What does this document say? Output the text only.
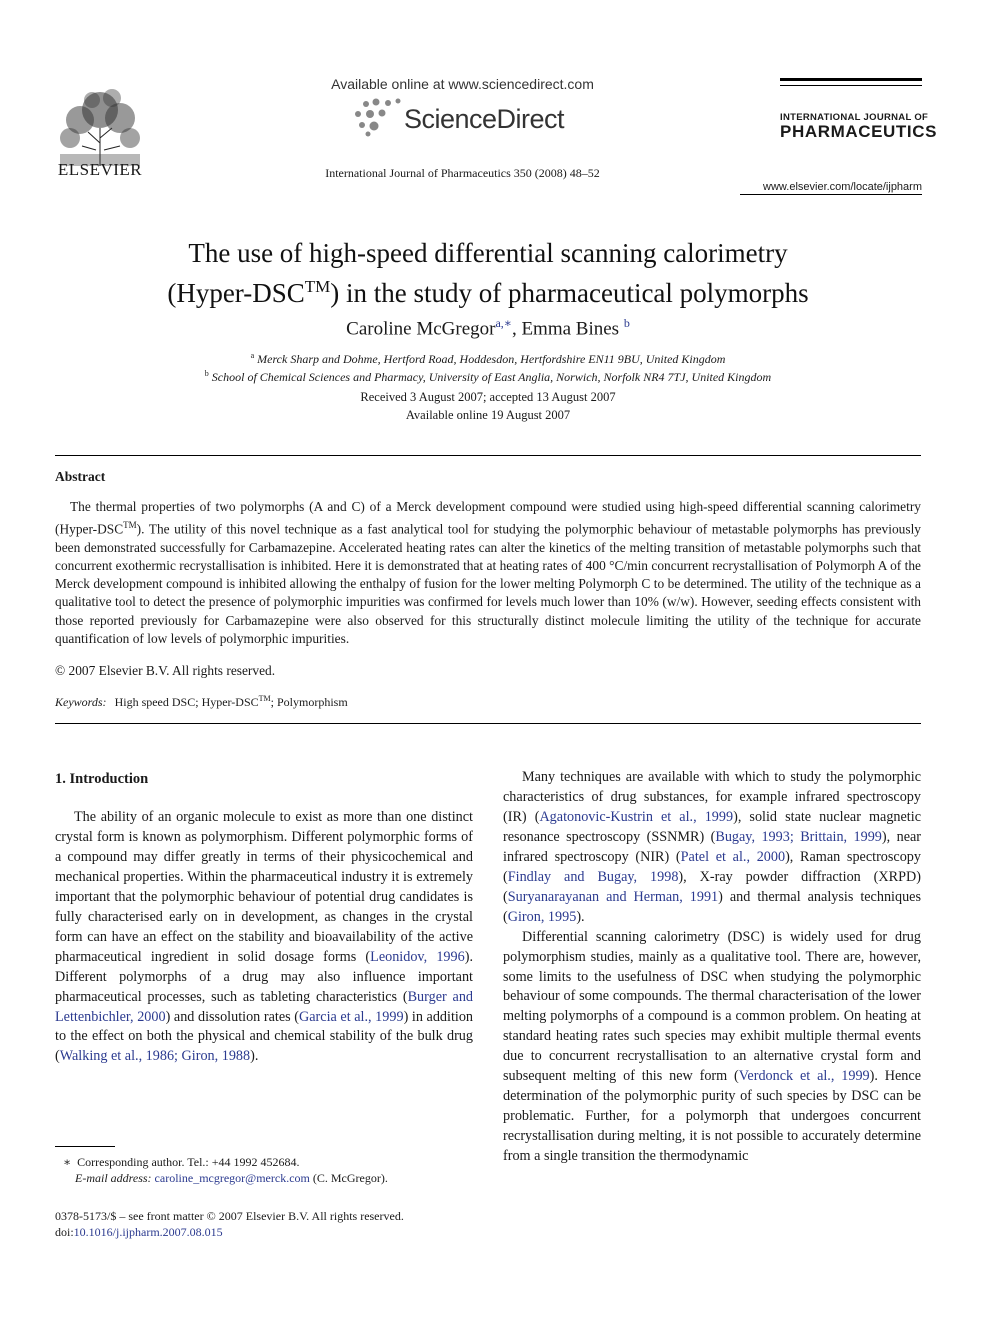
ELSEVIER
Available online at www.sciencedirect.com
ScienceDirect
International Journal of Pharmaceutics 350 (2008) 48–52
INTERNATIONAL JOURNAL OF
PHARMACEUTICS
www.elsevier.com/locate/ijpharm
The use of high-speed differential scanning calorimetry
(Hyper-DSC™) in the study of pharmaceutical polymorphs
Caroline McGregor$^{a,∗}$, Emma Bines $^b$
$^a$ Merck Sharp and Dohme, Hertford Road, Hoddesdon, Hertfordshire EN11 9BU, United Kingdom
$^b$ School of Chemical Sciences and Pharmacy, University of East Anglia, Norwich, Norfolk NR4 7TJ, United Kingdom
Received 3 August 2007; accepted 13 August 2007
Available online 19 August 2007
Abstract
The thermal properties of two polymorphs (A and C) of a Merck development compound were studied using high-speed differential scanning calorimetry (Hyper-DSC™). The utility of this novel technique as a fast analytical tool for studying the polymorphic behaviour of metastable polymorphs has previously been demonstrated successfully for Carbamazepine. Accelerated heating rates can alter the kinetics of the melting transition of metastable polymorphs such that concurrent exothermic recrystallisation is inhibited. Here it is demonstrated that at heating rates of 400 °C/min concurrent recrystallisation of Polymorph A of the Merck development compound is inhibited allowing the enthalpy of fusion for the lower melting Polymorph C to be determined. The utility of the technique as a qualitative tool to detect the presence of polymorphic impurities was confirmed for levels much lower than 10% (w/w). However, seeding effects consistent with those reported previously for Carbamazepine were also observed for this structurally distinct molecule limiting the utility of the technique for accurate quantification of low levels of polymorphic impurities.
© 2007 Elsevier B.V. All rights reserved.
Keywords: High speed DSC; Hyper-DSC™; Polymorphism
1. Introduction

The ability of an organic molecule to exist as more than one distinct crystal form is known as polymorphism. Different polymorphic forms of a compound may differ greatly in terms of their physicochemical and mechanical properties. Within the pharmaceutical industry it is extremely important that the polymorphic behaviour of potential drug candidates is fully characterised early on in development, as changes in the crystal form can have an effect on the stability and bioavailability of the active pharmaceutical ingredient in solid dosage forms (Leonidov, 1996). Different polymorphs of a drug may also influence important pharmaceutical processes, such as tableting characteristics (Burger and Lettenbichler, 2000) and dissolution rates (Garcia et al., 1999) in addition to the effect on both the physical and chemical stability of the bulk drug (Walking et al., 1986; Giron, 1988).

Many techniques are available with which to study the polymorphic characteristics of drug substances, for example infrared spectroscopy (IR) (Agatonovic-Kustrin et al., 1999), solid state nuclear magnetic resonance spectroscopy (SSNMR) (Bugay, 1993; Brittain, 1999), near infrared spectroscopy (NIR) (Patel et al., 2000), Raman spectroscopy (Findlay and Bugay, 1998), X-ray powder diffraction (XRPD) (Suryanarayanan and Herman, 1991) and thermal analysis techniques (Giron, 1995).

Differential scanning calorimetry (DSC) is widely used for drug polymorphism studies, mainly as a qualitative tool. There are, however, some limits to the usefulness of DSC when studying the polymorphic behaviour of some compounds. The thermal characterisation of the lower melting polymorphs of a compound is a common problem. On heating at standard heating rates such species may exhibit multiple thermal events due to concurrent recrystallisation to an alternative crystal form and subsequent melting of this new form (Verdonck et al., 1999). Hence determination of the polymorphic purity of such species by DSC can be problematic. Further, for a polymorph that undergoes concurrent recrystallisation during melting, it is not possible to accurately determine from a single transition the thermodynamic

∗ Corresponding author. Tel.: +44 1992 452684.
E-mail address: caroline_mcgregor@merck.com (C. McGregor).
0378-5173/$ – see front matter © 2007 Elsevier B.V. All rights reserved.
doi:10.1016/j.ijpharm.2007.08.015
